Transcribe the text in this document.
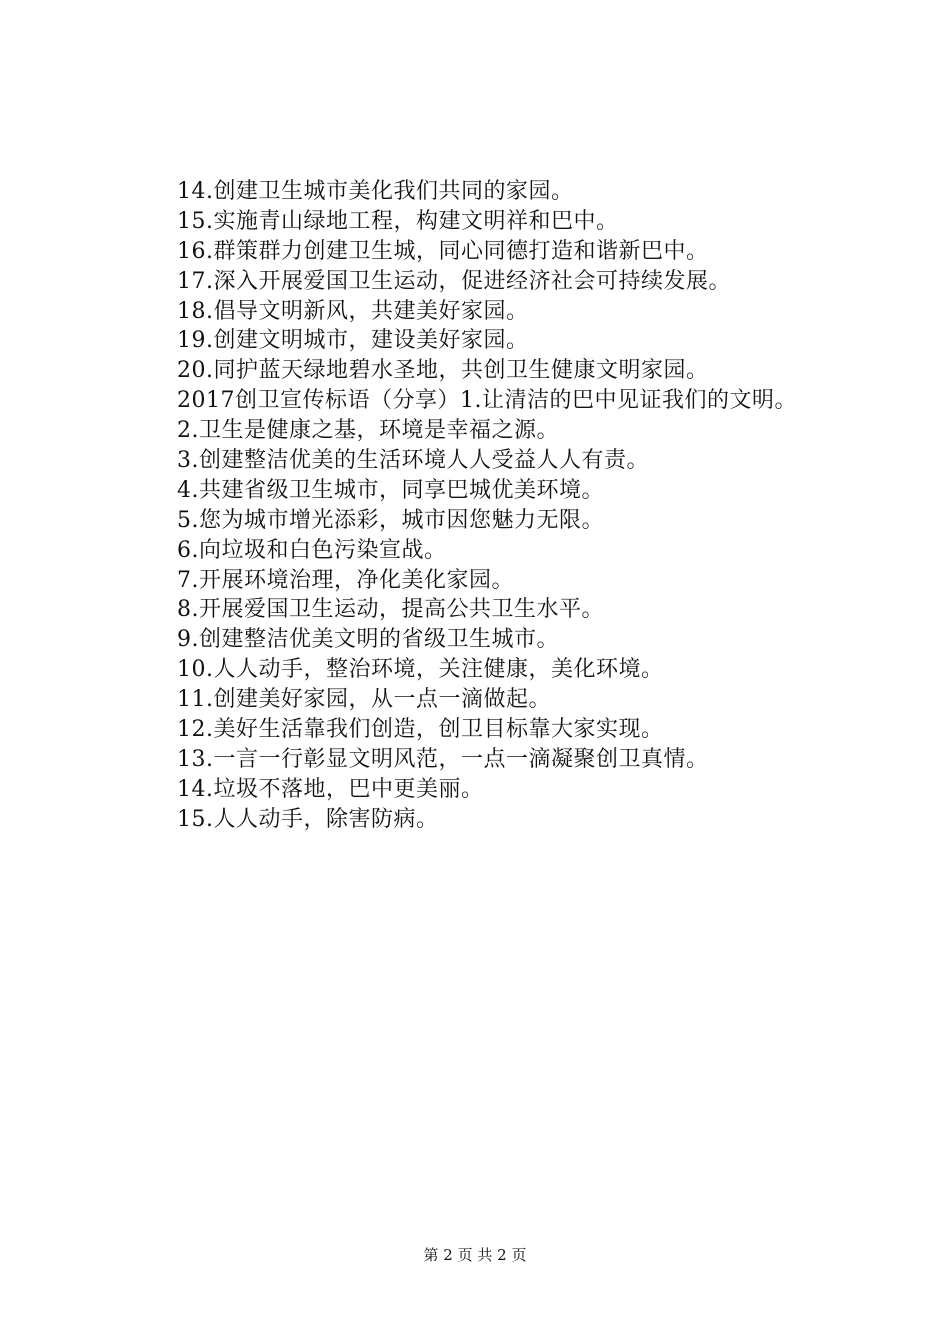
14.创建卫生城市美化我们共同的家园。
15.实施青山绿地工程，构建文明祥和巴中。
16.群策群力创建卫生城，同心同德打造和谐新巴中。
17.深入开展爱国卫生运动，促进经济社会可持续发展。
18.倡导文明新风，共建美好家园。
19.创建文明城市，建设美好家园。
20.同护蓝天绿地碧水圣地，共创卫生健康文明家园。
2017创卫宣传标语（分享）1.让清洁的巴中见证我们的文明。
2.卫生是健康之基，环境是幸福之源。
3.创建整洁优美的生活环境人人受益人人有责。
4.共建省级卫生城市，同享巴城优美环境。
5.您为城市增光添彩，城市因您魅力无限。
6.向垃圾和白色污染宣战。
7.开展环境治理，净化美化家园。
8.开展爱国卫生运动，提高公共卫生水平。
9.创建整洁优美文明的省级卫生城市。
10.人人动手，整治环境，关注健康，美化环境。
11.创建美好家园，从一点一滴做起。
12.美好生活靠我们创造，创卫目标靠大家实现。
13.一言一行彰显文明风范，一点一滴凝聚创卫真情。
14.垃圾不落地，巴中更美丽。
15.人人动手，除害防病。
第 2 页 共 2 页
